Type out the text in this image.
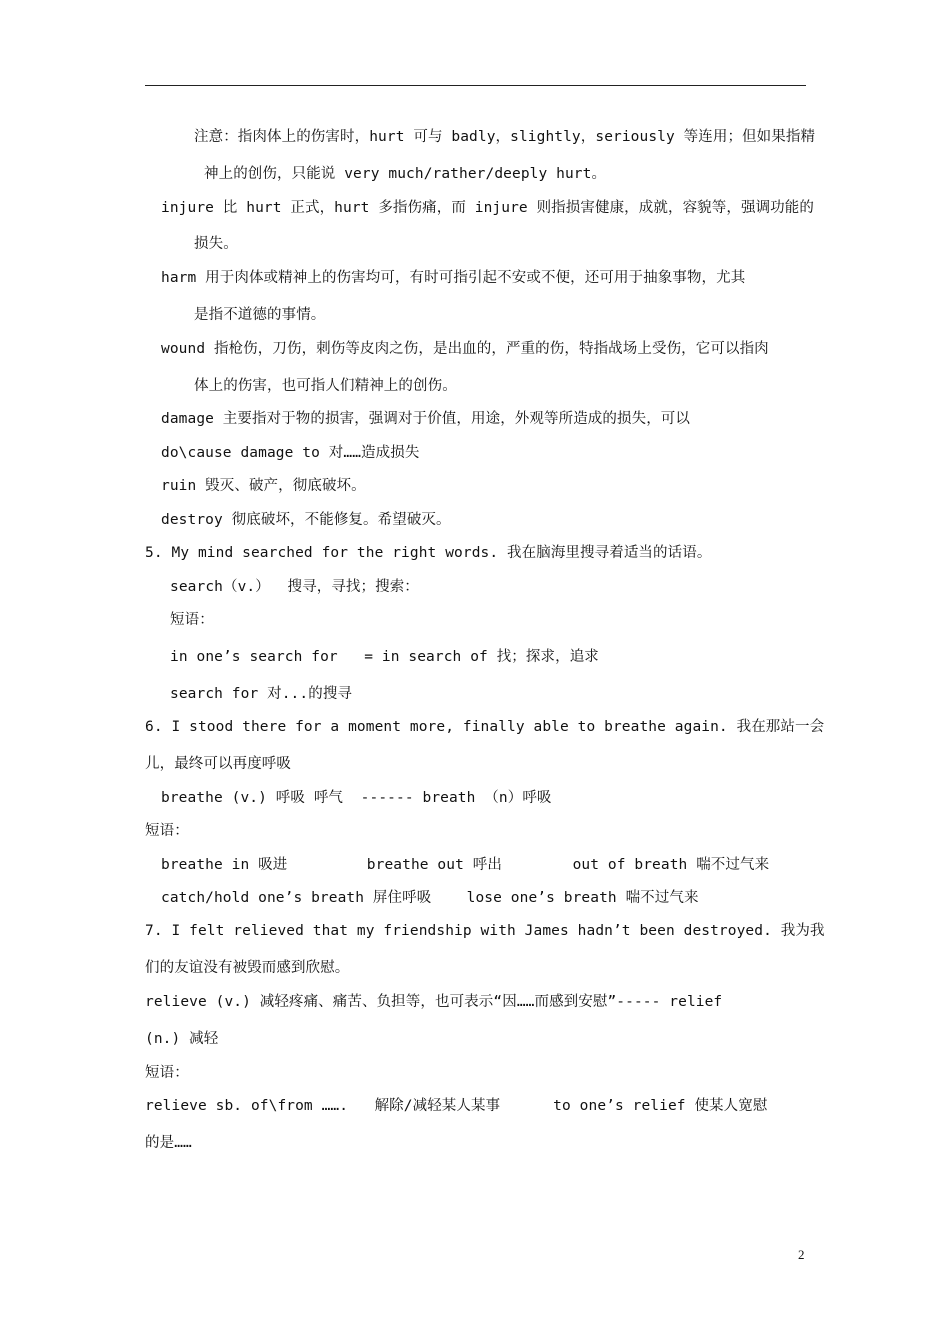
注意：指肉体上的伤害时，hurt 可与 badly，slightly，seriously 等连用；但如果指精
神上的创伤，只能说 very much/rather/deeply hurt。
injure 比 hurt 正式，hurt 多指伤痛，而 injure 则指损害健康，成就，容貌等，强调功能的
损失。
harm 用于肉体或精神上的伤害均可，有时可指引起不安或不便，还可用于抽象事物，尤其
是指不道德的事情。
wound 指枪伤，刀伤，刺伤等皮肉之伤，是出血的，严重的伤，特指战场上受伤，它可以指肉
体上的伤害，也可指人们精神上的创伤。
damage 主要指对于物的损害，强调对于价值，用途，外观等所造成的损失，可以
do\cause damage to 对……造成损失
ruin 毁灭、破产，彻底破坏。
destroy 彻底破坏，不能修复。希望破灭。
5. My mind searched for the right words. 我在脑海里搜寻着适当的话语。
search（v.）  搜寻，寻找；搜索：
短语：
in one’s search for   = in search of 找；探求，追求
search for 对...的搜寻
6. I stood there for a moment more, finally able to breathe again. 我在那站一会
儿，最终可以再度呼吸
breathe (v.) 呼吸 呼气  ------ breath （n）呼吸
短语：
breathe in 吸进         breathe out 呼出        out of breath 喘不过气来
catch/hold one’s breath 屏住呼吸    lose one’s breath 喘不过气来
7. I felt relieved that my friendship with James hadn’t been destroyed. 我为我
们的友谊没有被毁而感到欣慰。
relieve (v.) 减轻疼痛、痛苦、负担等，也可表示“因……而感到安慰”----- relief
(n.) 减轻
短语：
relieve sb. of\from …….   解除/减轻某人某事      to one’s relief 使某人宽慰
的是……
2
